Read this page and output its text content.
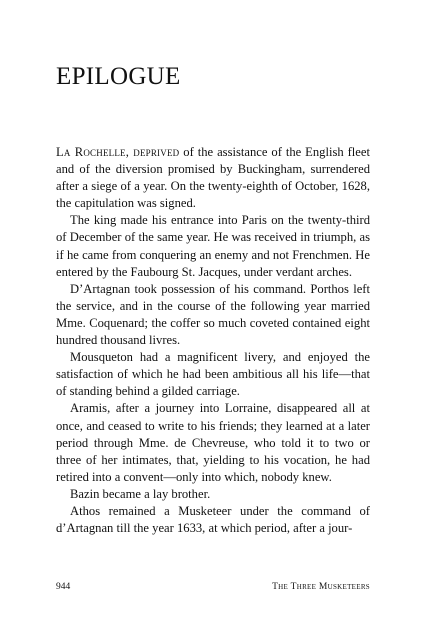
EPILOGUE

La Rochelle, deprived of the assistance of the English fleet and of the diversion promised by Buckingham, surrendered after a siege of a year. On the twenty-eighth of October, 1628, the capitulation was signed.

The king made his entrance into Paris on the twenty-third of December of the same year. He was received in triumph, as if he came from conquering an enemy and not Frenchmen. He entered by the Faubourg St. Jacques, under verdant arches.

D’Artagnan took possession of his command. Porthos left the service, and in the course of the following year married Mme. Coquenard; the coffer so much coveted contained eight hundred thousand livres.

Mousqueton had a magnificent livery, and enjoyed the satisfaction of which he had been ambitious all his life—that of standing behind a gilded carriage.

Aramis, after a journey into Lorraine, disappeared all at once, and ceased to write to his friends; they learned at a later period through Mme. de Chevreuse, who told it to two or three of her intimates, that, yielding to his vocation, he had retired into a convent—only into which, nobody knew.

Bazin became a lay brother.

Athos remained a Musketeer under the command of d’Artagnan till the year 1633, at which period, after a jour-

944	The Three Musketeers
